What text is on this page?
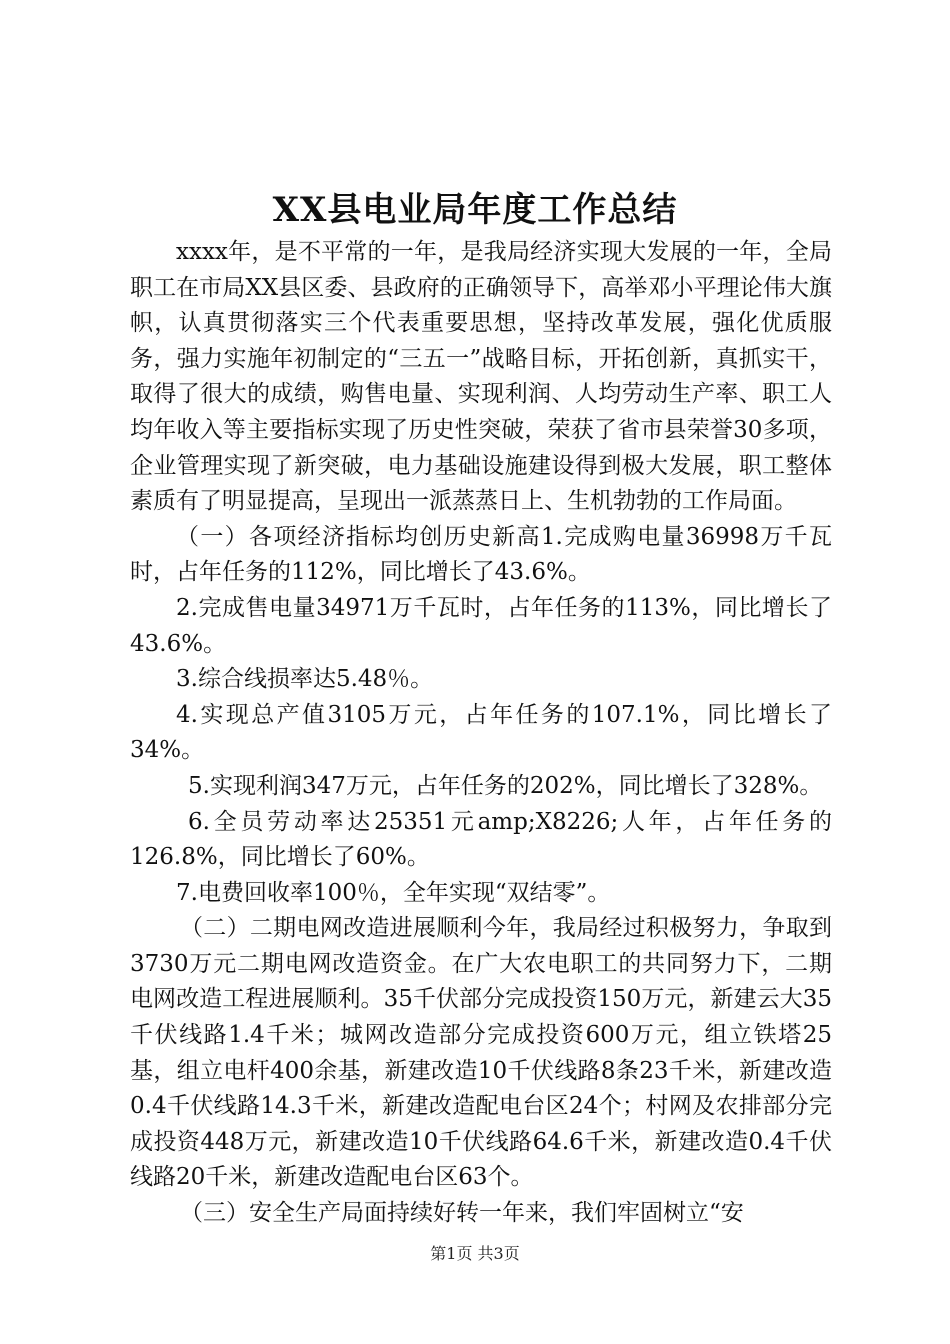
XX县电业局年度工作总结

xxxx年，是不平常的一年，是我局经济实现大发展的一年，全局职工在市局XX县区委、县政府的正确领导下，高举邓小平理论伟大旗帜，认真贯彻落实三个代表重要思想，坚持改革发展，强化优质服务，强力实施年初制定的“三五一”战略目标，开拓创新，真抓实干，取得了很大的成绩，购售电量、实现利润、人均劳动生产率、职工人均年收入等主要指标实现了历史性突破，荣获了省市县荣誉30多项，企业管理实现了新突破，电力基础设施建设得到极大发展，职工整体素质有了明显提高，呈现出一派蒸蒸日上、生机勃勃的工作局面。

（一）各项经济指标均创历史新高1.完成购电量36998万千瓦时，占年任务的112%，同比增长了43.6%。

2.完成售电量34971万千瓦时，占年任务的113%，同比增长了43.6%。

3.综合线损率达5.48％。

4.实现总产值3105万元，占年任务的107.1%，同比增长了34%。

5.实现利润347万元，占年任务的202%，同比增长了328%。

6.全员劳动率达25351元amp;X8226;人年，占年任务的126.8%，同比增长了60%。

7.电费回收率100％，全年实现“双结零”。

（二）二期电网改造进展顺利今年，我局经过积极努力，争取到3730万元二期电网改造资金。在广大农电职工的共同努力下，二期电网改造工程进展顺利。35千伏部分完成投资150万元，新建云大35千伏线路1.4千米；城网改造部分完成投资600万元，组立铁塔25基，组立电杆400余基，新建改造10千伏线路8条23千米，新建改造0.4千伏线路14.3千米，新建改造配电台区24个；村网及农排部分完成投资448万元，新建改造10千伏线路64.6千米，新建改造0.4千伏线路20千米，新建改造配电台区63个。

（三）安全生产局面持续好转一年来，我们牢固树立“安

第1页 共3页
